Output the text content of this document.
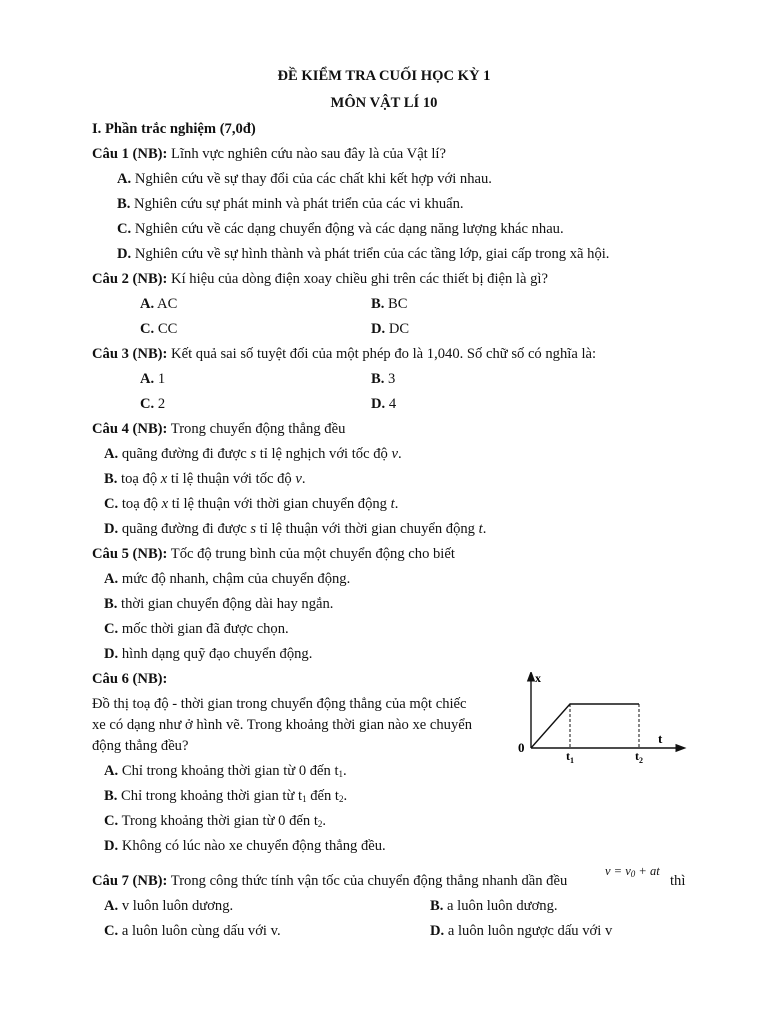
ĐỀ KIỂM TRA CUỐI HỌC KỲ 1
MÔN VẬT LÍ 10
I. Phần trắc nghiệm (7,0đ)
Câu 1 (NB): Lĩnh vực nghiên cứu nào sau đây là của Vật lí?
A. Nghiên cứu về sự thay đổi của các chất khi kết hợp với nhau.
B. Nghiên cứu sự phát minh và phát triển của các vi khuẩn.
C. Nghiên cứu về các dạng chuyển động và các dạng năng lượng khác nhau.
D. Nghiên cứu về sự hình thành và phát triển của các tầng lớp, giai cấp trong xã hội.
Câu 2 (NB): Kí hiệu của dòng điện xoay chiều ghi trên các thiết bị điện là gì?
A. AC	B. BC
C. CC	D. DC
Câu 3 (NB): Kết quả sai số tuyệt đối của một phép đo là 1,040. Số chữ số có nghĩa là:
A. 1	B. 3
C. 2	D. 4
Câu 4 (NB): Trong chuyển động thẳng đều
A. quãng đường đi được s tỉ lệ nghịch với tốc độ v.
B. toạ độ x tỉ lệ thuận với tốc độ v.
C. toạ độ x tỉ lệ thuận với thời gian chuyển động t.
D. quãng đường đi được s tỉ lệ thuận với thời gian chuyển động t.
Câu 5 (NB): Tốc độ trung bình của một chuyển động cho biết
A. mức độ nhanh, chậm của chuyển động.
B. thời gian chuyển động dài hay ngắn.
C. mốc thời gian đã được chọn.
D. hình dạng quỹ đạo chuyển động.
Câu 6 (NB):
Đồ thị toạ độ - thời gian trong chuyển động thẳng của một chiếc
xe có dạng như ở hình vẽ. Trong khoảng thời gian nào xe chuyển
động thẳng đều?
A. Chỉ trong khoảng thời gian từ 0 đến $t_1$.
B. Chỉ trong khoảng thời gian từ $t_1$ đến $t_2$.
C. Trong khoảng thời gian từ 0 đến $t_2$.
D. Không có lúc nào xe chuyển động thẳng đều.
x
t
0
$t_1$	$t_2$
Câu 7 (NB): Trong công thức tính vận tốc của chuyển động thẳng nhanh dần đều
$v = v_0$ + at
thì
A. v luôn luôn dương.	B. a luôn luôn dương.
C. a luôn luôn cùng dấu với v.	D. a luôn luôn ngược dấu với v
